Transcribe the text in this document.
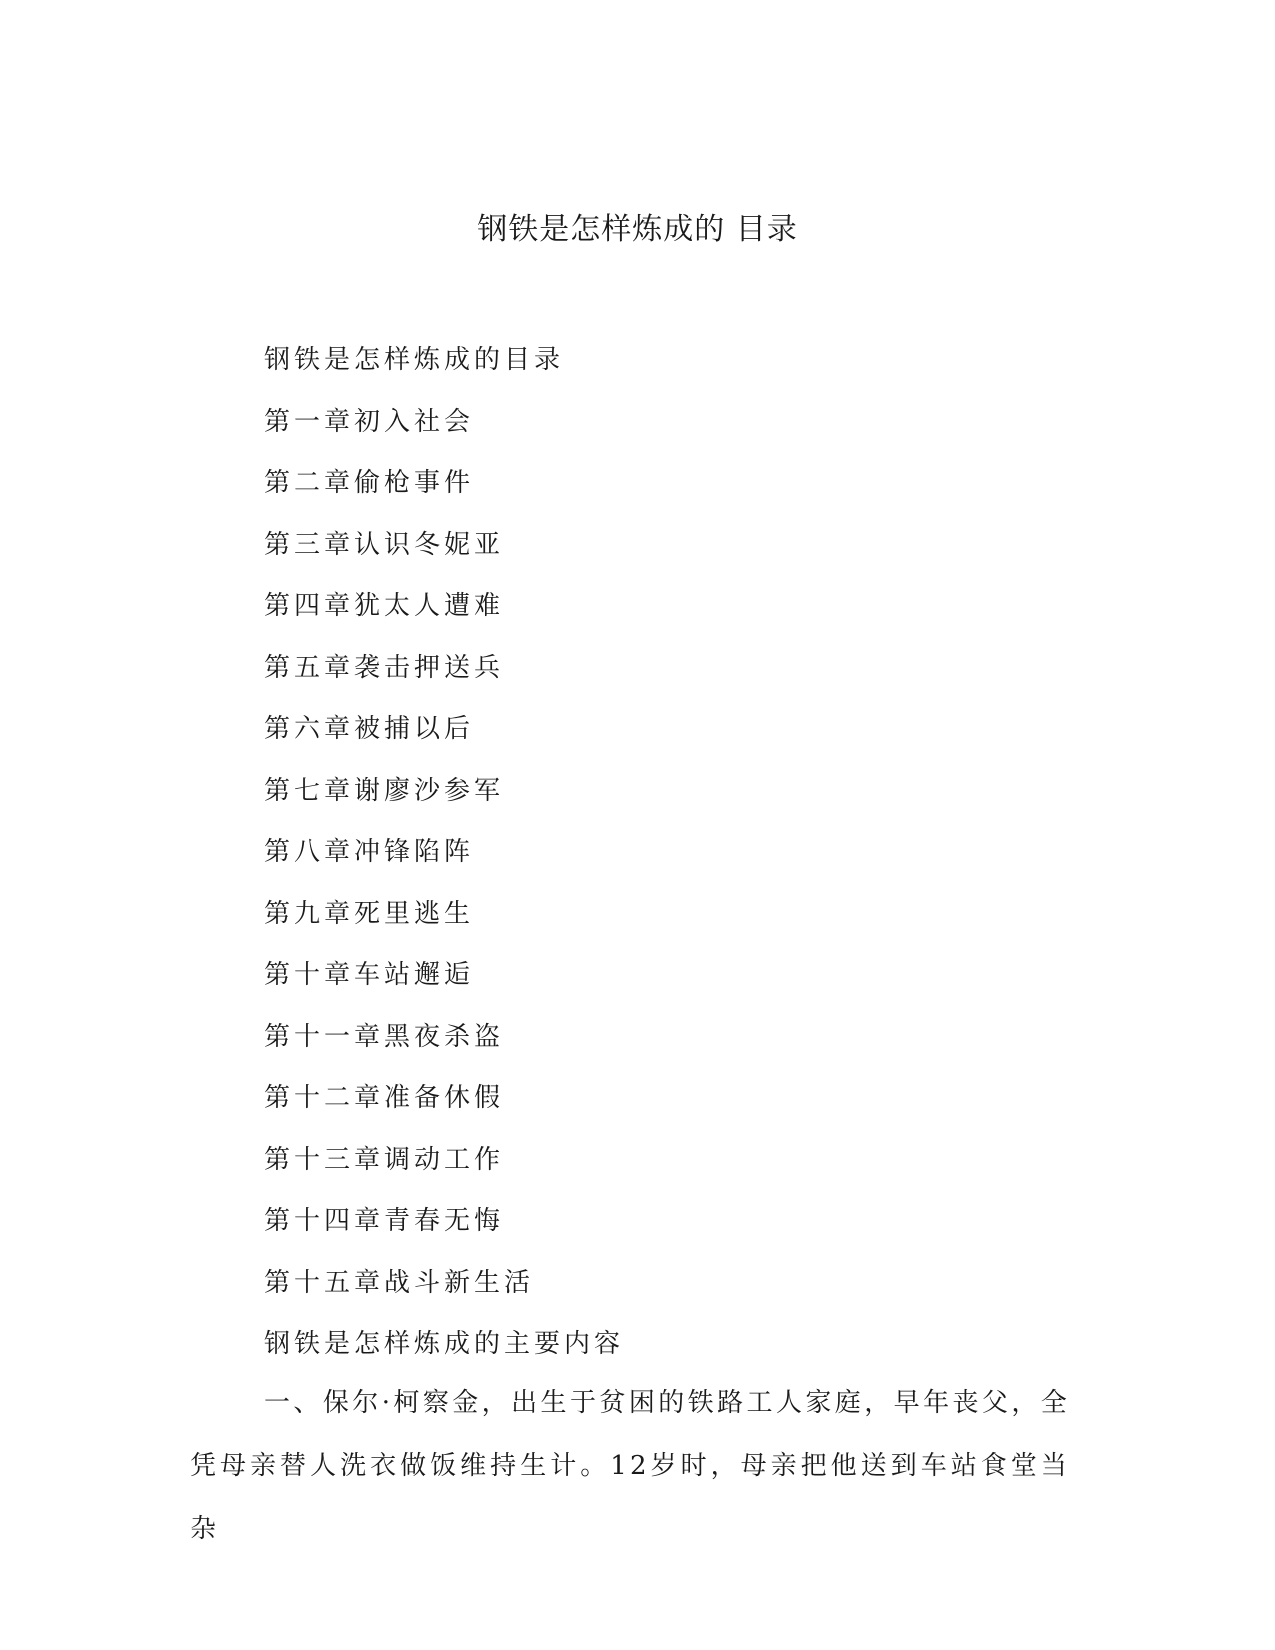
钢铁是怎样炼成的 目录
钢铁是怎样炼成的目录
第一章初入社会
第二章偷枪事件
第三章认识冬妮亚
第四章犹太人遭难
第五章袭击押送兵
第六章被捕以后
第七章谢廖沙参军
第八章冲锋陷阵
第九章死里逃生
第十章车站邂逅
第十一章黑夜杀盗
第十二章准备休假
第十三章调动工作
第十四章青春无悔
第十五章战斗新生活
钢铁是怎样炼成的主要内容

一、保尔·柯察金，出生于贫困的铁路工人家庭，早年丧父，全凭母亲替人洗衣做饭维持生计。12岁时，母亲把他送到车站食堂当杂
